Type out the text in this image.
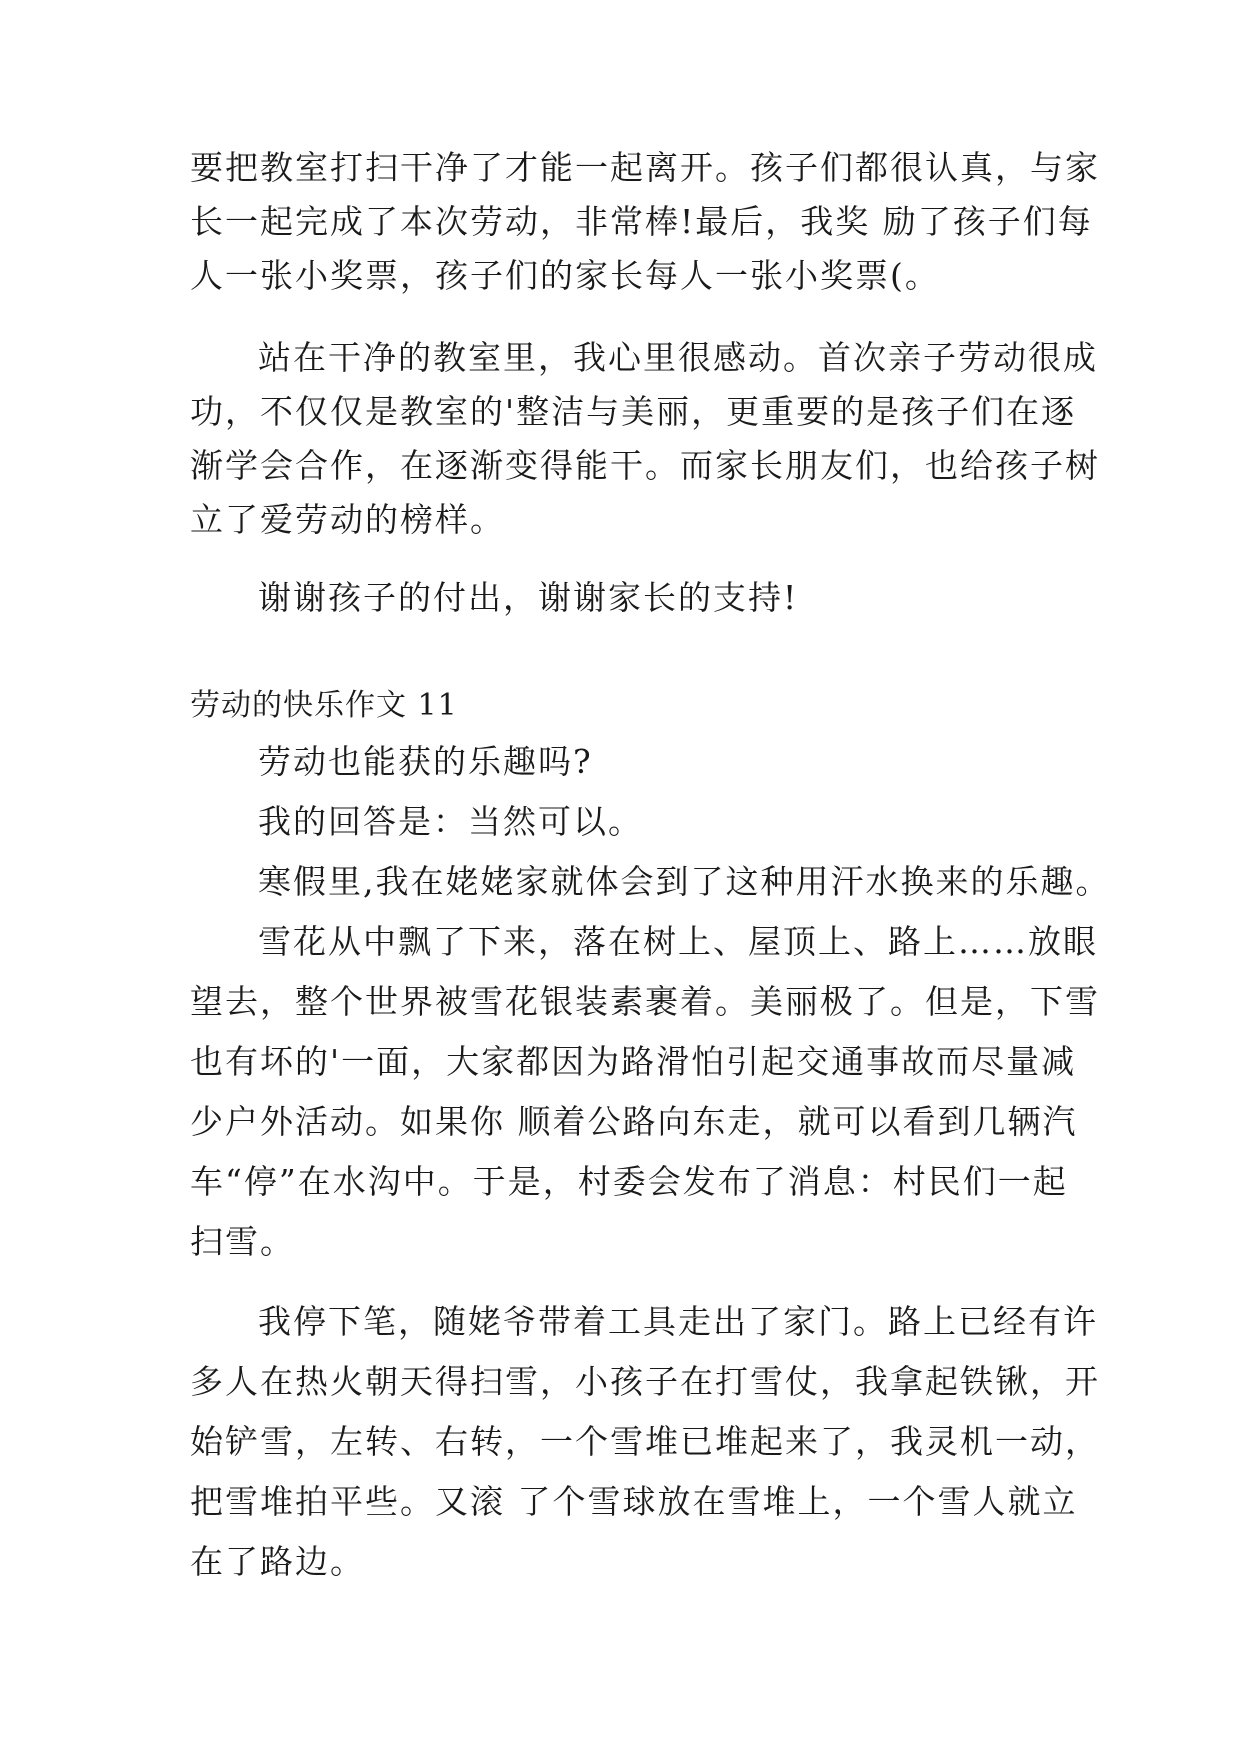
要把教室打扫干净了才能一起离开。孩子们都很认真，与家
长一起完成了本次劳动，非常棒!最后，我奖 励了孩子们每
人一张小奖票，孩子们的家长每人一张小奖票(。
站在干净的教室里，我心里很感动。首次亲子劳动很成
功，不仅仅是教室的'整洁与美丽，更重要的是孩子们在逐
渐学会合作，在逐渐变得能干。而家长朋友们，也给孩子树
立了爱劳动的榜样。
谢谢孩子的付出，谢谢家长的支持!
劳动的快乐作文 11
劳动也能获的乐趣吗?
我的回答是：当然可以。
寒假里,我在姥姥家就体会到了这种用汗水换来的乐趣。
雪花从中飘了下来，落在树上、屋顶上、路上……放眼
望去，整个世界被雪花银装素裹着。美丽极了。但是，下雪
也有坏的'一面，大家都因为路滑怕引起交通事故而尽量减
少户外活动。如果你 顺着公路向东走，就可以看到几辆汽
车“停”在水沟中。于是，村委会发布了消息：村民们一起
扫雪。
我停下笔，随姥爷带着工具走出了家门。路上已经有许
多人在热火朝天得扫雪，小孩子在打雪仗，我拿起铁锹，开
始铲雪，左转、右转，一个雪堆已堆起来了，我灵机一动，
把雪堆拍平些。又滚 了个雪球放在雪堆上，一个雪人就立
在了路边。
